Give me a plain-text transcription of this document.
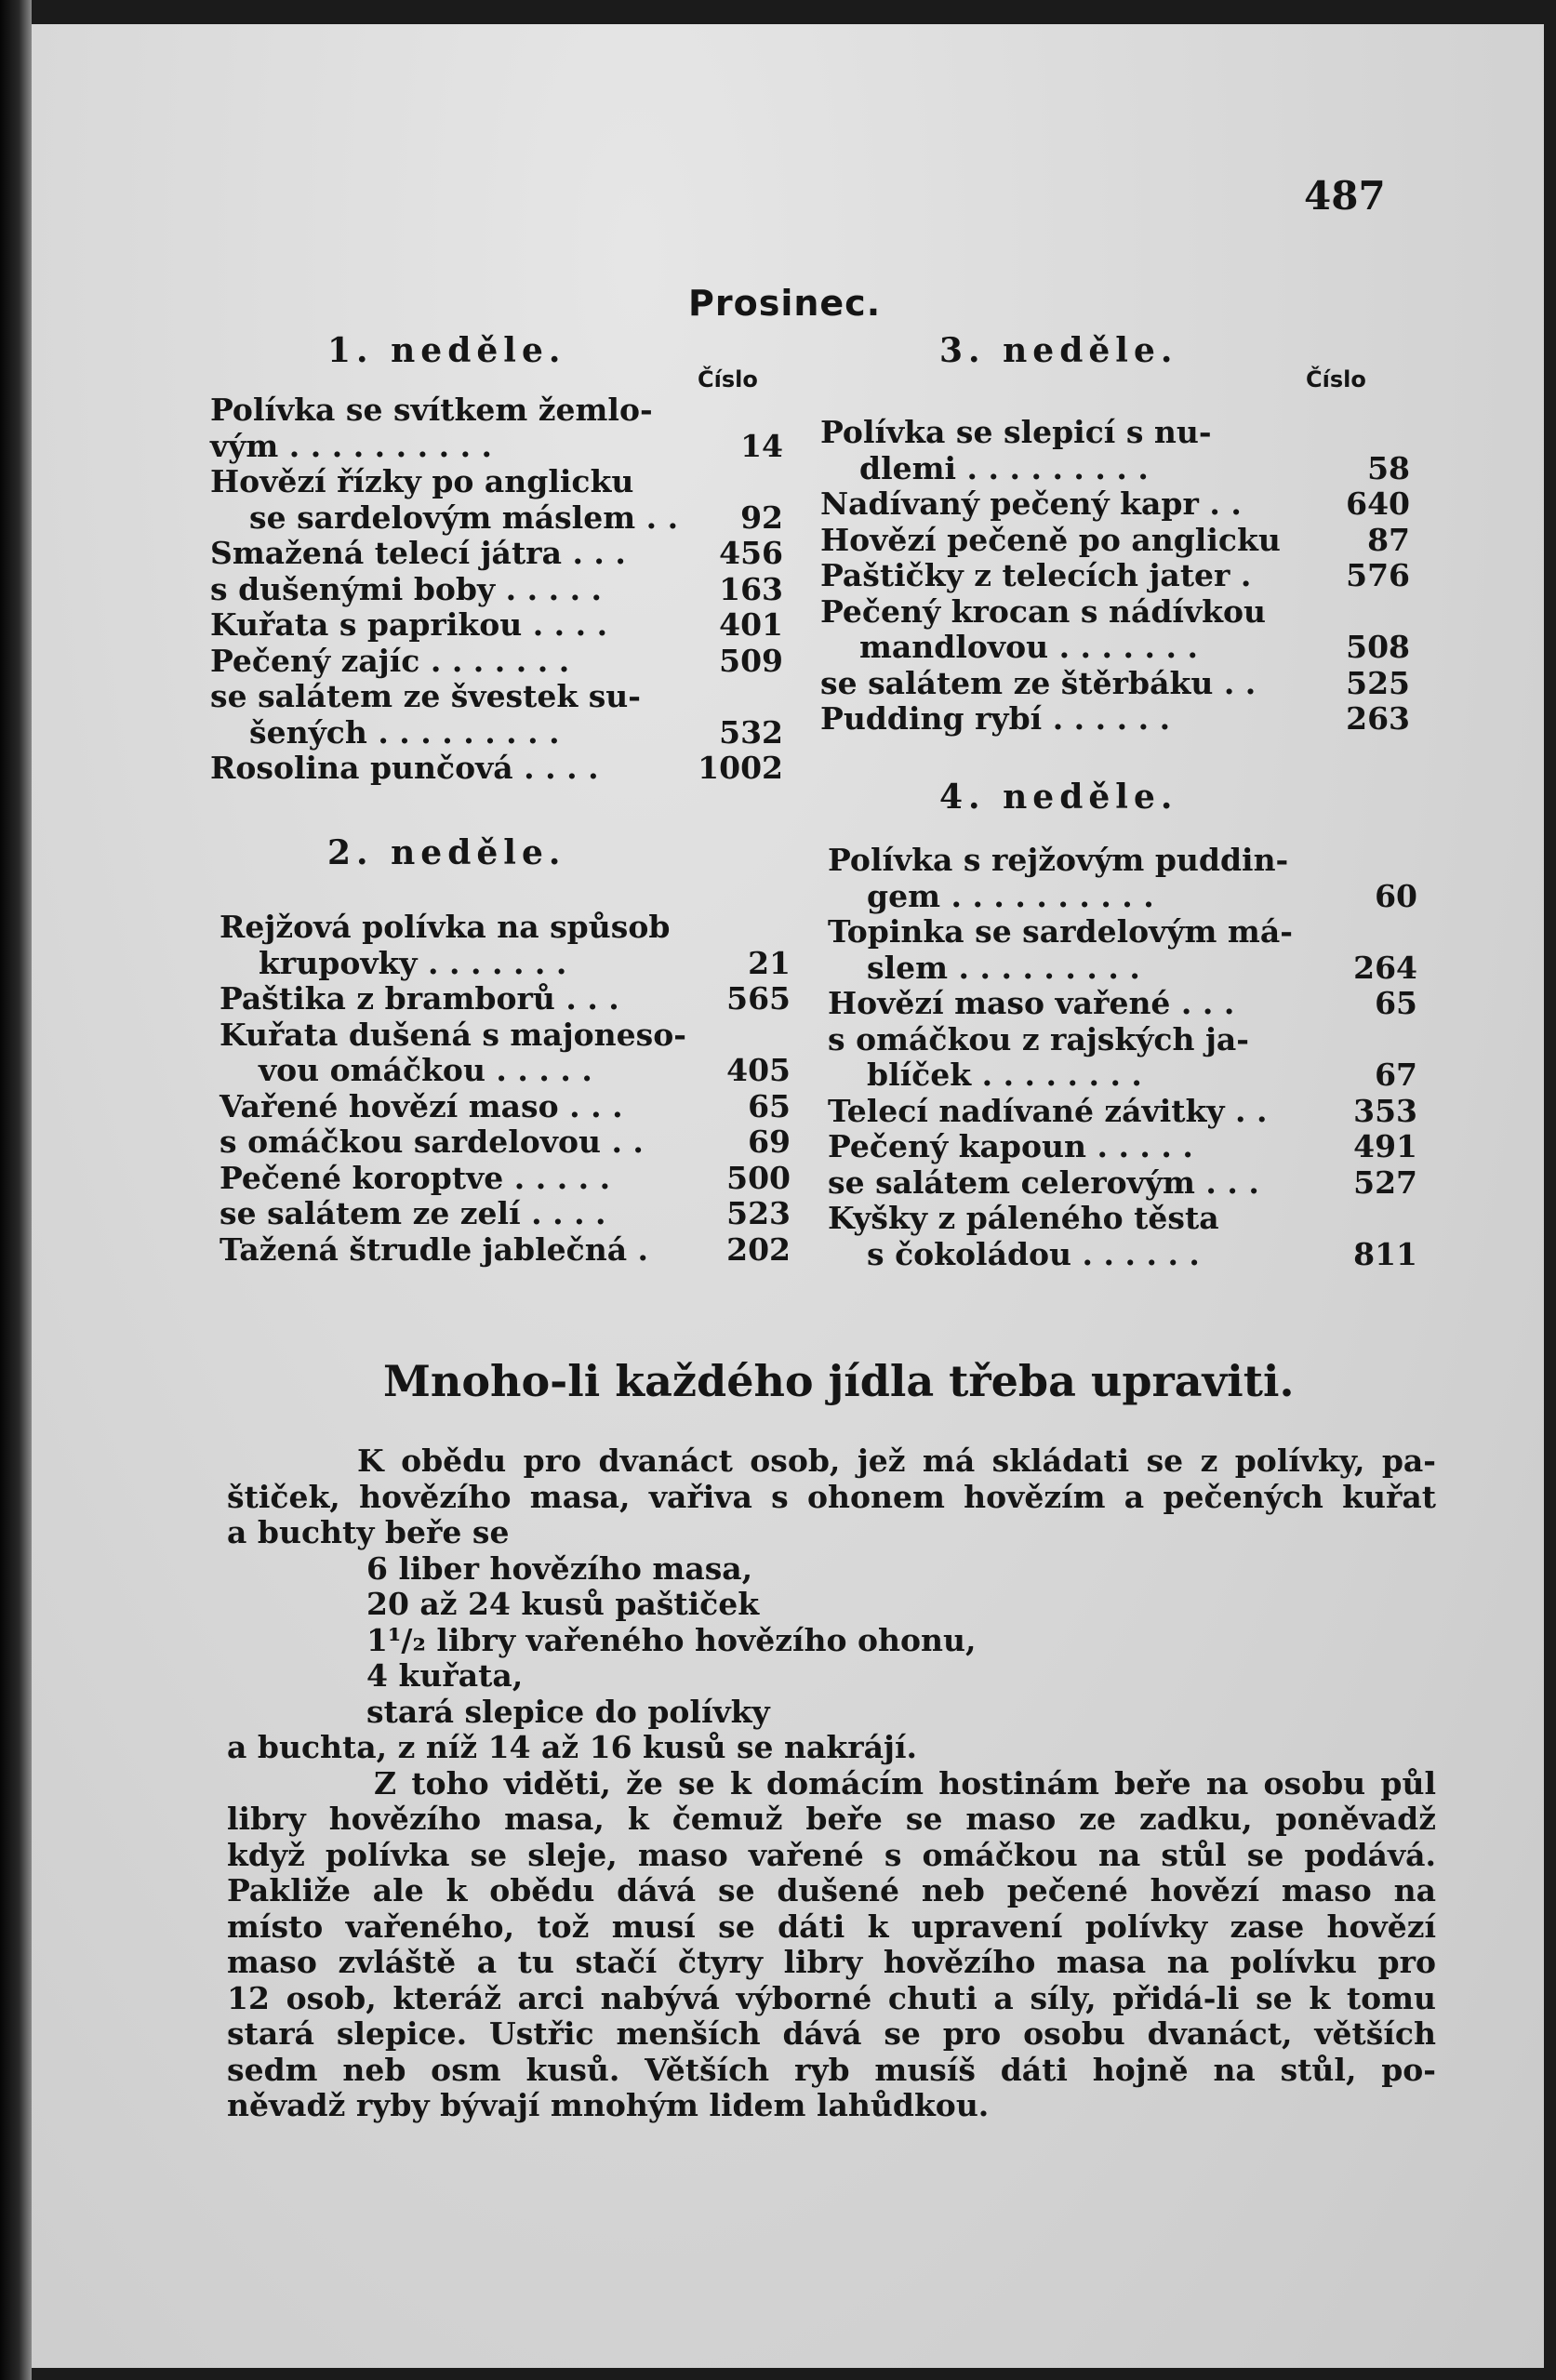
487
Prosinec.
1. neděle.
Číslo
Polívka se svítkem žemlo-
vým . . . . . . . . . .	14
Hovězí řízky po anglicku
se sardelovým máslem . . 92
Smažená telecí játra . . .	456
s dušenými boby . . . . .	163
Kuřata s paprikou . . . .	401
Pečený zajíc . . . . . . .	509
se salátem ze švestek su-
šených . . . . . . . . .	532
Rosolina punčová . . . .	1002
2. neděle.
Rejžová polívka na spůsob
krupovky . . . . . . .	21
Paštika z bramborů . . .	565
Kuřata dušená s majoneso-
vou omáčkou . . . . .	405
Vařené hovězí maso . . .	65
s omáčkou sardelovou . .	69
Pečené koroptve . . . . .	500
se salátem ze zelí . . . .	523
Tažená štrudle jablečná .	202
3. neděle.
Číslo
Polívka se slepicí s nu-
dlemi . . . . . . . . .	58
Nadívaný pečený kapr . .	640
Hovězí pečeně po anglicku	87
Paštičky z telecích jater .	576
Pečený krocan s nádívkou
mandlovou . . . . . . .	508
se salátem ze štěrbáku . .	525
Pudding rybí . . . . . .	263
4. neděle.
Polívka s rejžovým puddin-
gem . . . . . . . . . .	60
Topinka se sardelovým má-
slem . . . . . . . . .	264
Hovězí maso vařené . . .	65
s omáčkou z rajských ja-
blíček . . . . . . . .	67
Telecí nadívané závitky . .	353
Pečený kapoun . . . . .	491
se salátem celerovým . . .	527
Kyšky z páleného těsta
s čokoládou . . . . . .	811
Mnoho-li každého jídla třeba upraviti.
K obědu pro dvanáct osob, jež má skládati se z polívky, pa-
štiček, hovězího masa, vařiva s ohonem hovězím a pečených kuřat
a buchty beře se
6 liber hovězího masa,
20 až 24 kusů paštiček
1¹/₂ libry vařeného hovězího ohonu,
4 kuřata,
stará slepice do polívky
a buchta, z níž 14 až 16 kusů se nakrájí.
Z toho viděti, že se k domácím hostinám beře na osobu půl
libry hovězího masa, k čemuž beře se maso ze zadku, poněvadž
když polívka se sleje, maso vařené s omáčkou na stůl se podává.
Pakliže ale k obědu dává se dušené neb pečené hovězí maso na
místo vařeného, tož musí se dáti k upravení polívky zase hovězí
maso zvláště a tu stačí čtyry libry hovězího masa na polívku pro
12 osob, kteráž arci nabývá výborné chuti a síly, přidá-li se k tomu
stará slepice. Ustřic menších dává se pro osobu dvanáct, větších
sedm neb osm kusů. Větších ryb musíš dáti hojně na stůl, po-
něvadž ryby bývají mnohým lidem lahůdkou.
